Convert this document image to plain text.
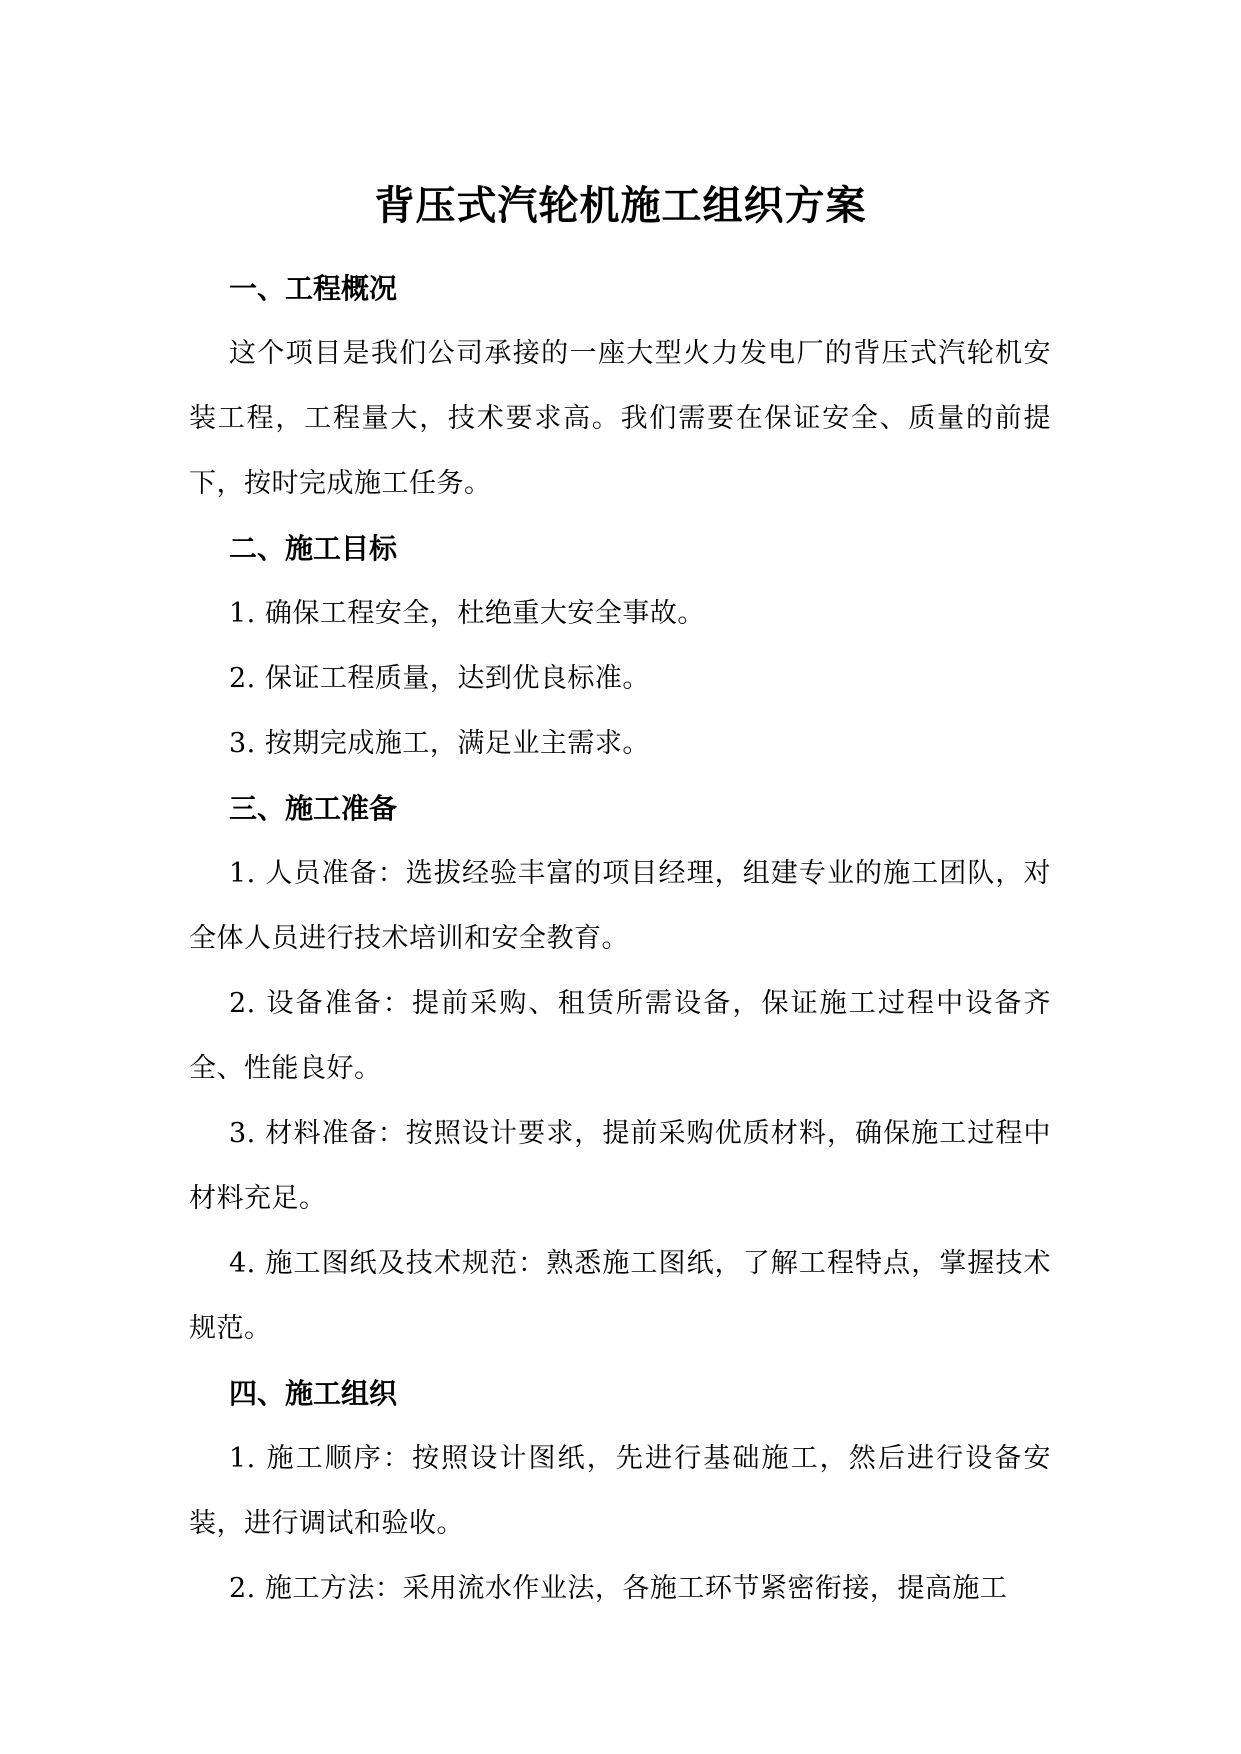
背压式汽轮机施工组织方案

一、工程概况

这个项目是我们公司承接的一座大型火力发电厂的背压式汽轮机安装工程，工程量大，技术要求高。我们需要在保证安全、质量的前提下，按时完成施工任务。

二、施工目标

1. 确保工程安全，杜绝重大安全事故。

2. 保证工程质量，达到优良标准。

3. 按期完成施工，满足业主需求。

三、施工准备

1. 人员准备：选拔经验丰富的项目经理，组建专业的施工团队，对全体人员进行技术培训和安全教育。

2. 设备准备：提前采购、租赁所需设备，保证施工过程中设备齐全、性能良好。

3. 材料准备：按照设计要求，提前采购优质材料，确保施工过程中材料充足。

4. 施工图纸及技术规范：熟悉施工图纸，了解工程特点，掌握技术规范。

四、施工组织

1. 施工顺序：按照设计图纸，先进行基础施工，然后进行设备安装，进行调试和验收。

2. 施工方法：采用流水作业法，各施工环节紧密衔接，提高施工
